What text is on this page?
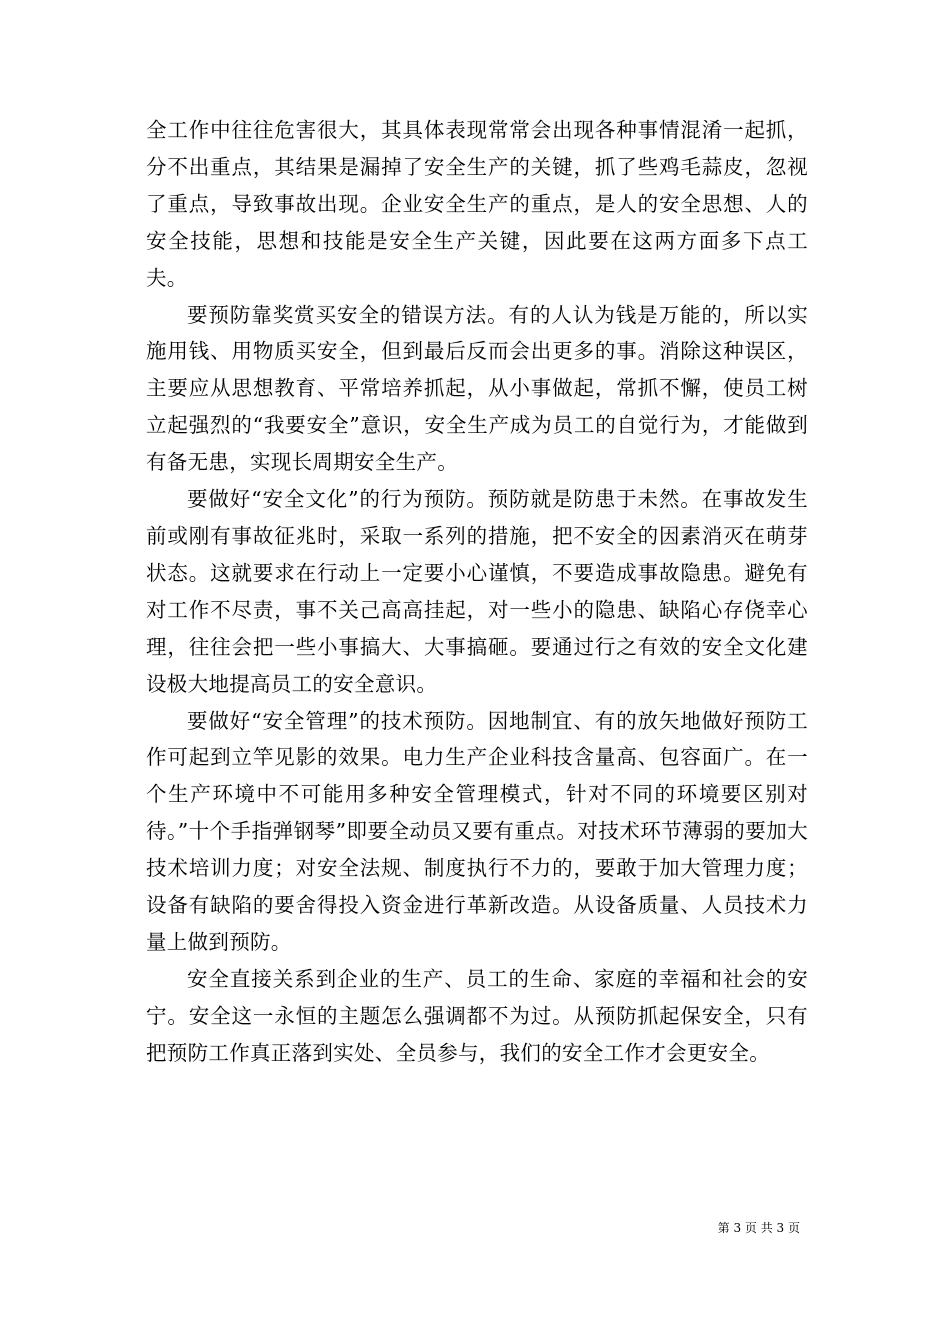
全工作中往往危害很大，其具体表现常常会出现各种事情混淆一起抓，分不出重点，其结果是漏掉了安全生产的关键，抓了些鸡毛蒜皮，忽视了重点，导致事故出现。企业安全生产的重点，是人的安全思想、人的安全技能，思想和技能是安全生产关键，因此要在这两方面多下点工夫。

要预防靠奖赏买安全的错误方法。有的人认为钱是万能的，所以实施用钱、用物质买安全，但到最后反而会出更多的事。消除这种误区，主要应从思想教育、平常培养抓起，从小事做起，常抓不懈，使员工树立起强烈的“我要安全”意识，安全生产成为员工的自觉行为，才能做到有备无患，实现长周期安全生产。

要做好“安全文化”的行为预防。预防就是防患于未然。在事故发生前或刚有事故征兆时，采取一系列的措施，把不安全的因素消灭在萌芽状态。这就要求在行动上一定要小心谨慎，不要造成事故隐患。避免有对工作不尽责，事不关己高高挂起，对一些小的隐患、缺陷心存侥幸心理，往往会把一些小事搞大、大事搞砸。要通过行之有效的安全文化建设极大地提高员工的安全意识。

要做好“安全管理”的技术预防。因地制宜、有的放矢地做好预防工作可起到立竿见影的效果。电力生产企业科技含量高、包容面广。在一个生产环境中不可能用多种安全管理模式，针对不同的环境要区别对待。”十个手指弹钢琴”即要全动员又要有重点。对技术环节薄弱的要加大技术培训力度；对安全法规、制度执行不力的，要敢于加大管理力度；设备有缺陷的要舍得投入资金进行革新改造。从设备质量、人员技术力量上做到预防。

安全直接关系到企业的生产、员工的生命、家庭的幸福和社会的安宁。安全这一永恒的主题怎么强调都不为过。从预防抓起保安全，只有把预防工作真正落到实处、全员参与，我们的安全工作才会更安全。

第 3 页 共 3 页
